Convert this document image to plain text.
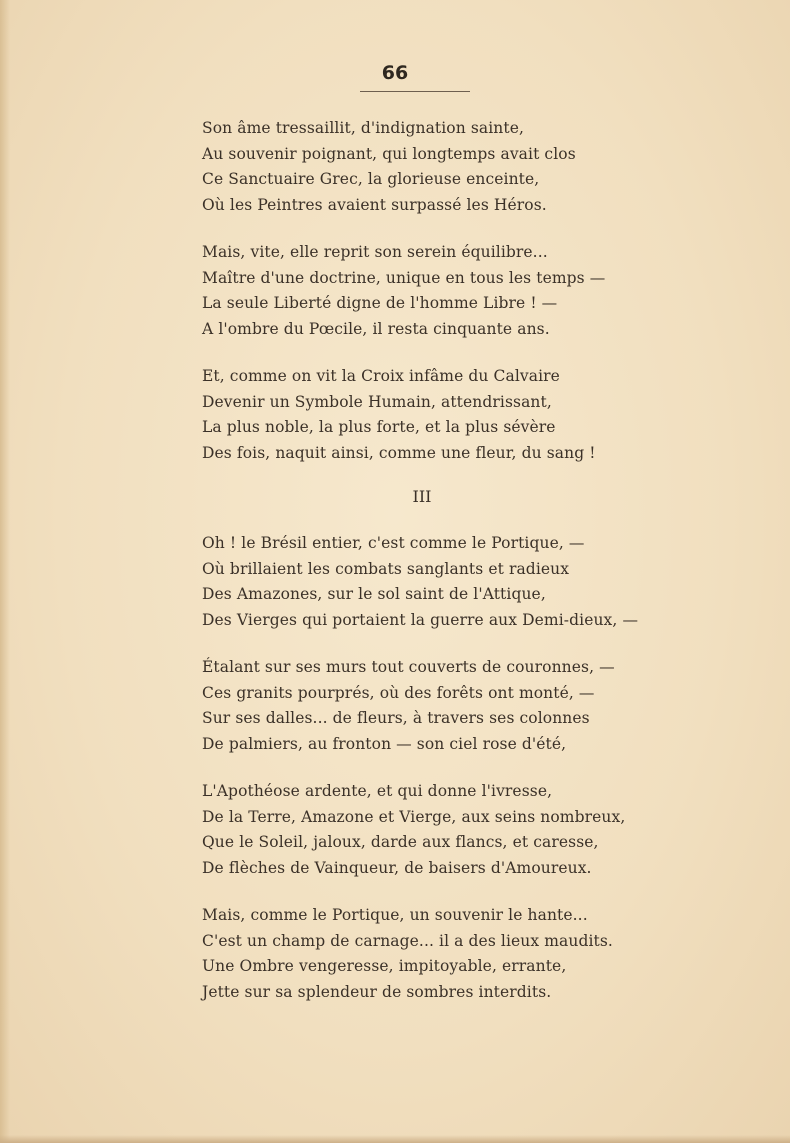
66
Son âme tressaillit, d'indignation sainte,
Au souvenir poignant, qui longtemps avait clos
Ce Sanctuaire Grec, la glorieuse enceinte,
Où les Peintres avaient surpassé les Héros.
Mais, vite, elle reprit son serein équilibre...
Maître d'une doctrine, unique en tous les temps —
La seule Liberté digne de l'homme Libre ! —
A l'ombre du Pœcile, il resta cinquante ans.
Et, comme on vit la Croix infâme du Calvaire
Devenir un Symbole Humain, attendrissant,
La plus noble, la plus forte, et la plus sévère
Des fois, naquit ainsi, comme une fleur, du sang !
III
Oh ! le Brésil entier, c'est comme le Portique, —
Où brillaient les combats sanglants et radieux
Des Amazones, sur le sol saint de l'Attique,
Des Vierges qui portaient la guerre aux Demi-dieux, —
Étalant sur ses murs tout couverts de couronnes, —
Ces granits pourprés, où des forêts ont monté, —
Sur ses dalles... de fleurs, à travers ses colonnes
De palmiers, au fronton — son ciel rose d'été,
L'Apothéose ardente, et qui donne l'ivresse,
De la Terre, Amazone et Vierge, aux seins nombreux,
Que le Soleil, jaloux, darde aux flancs, et caresse,
De flèches de Vainqueur, de baisers d'Amoureux.
Mais, comme le Portique, un souvenir le hante...
C'est un champ de carnage... il a des lieux maudits.
Une Ombre vengeresse, impitoyable, errante,
Jette sur sa splendeur de sombres interdits.
